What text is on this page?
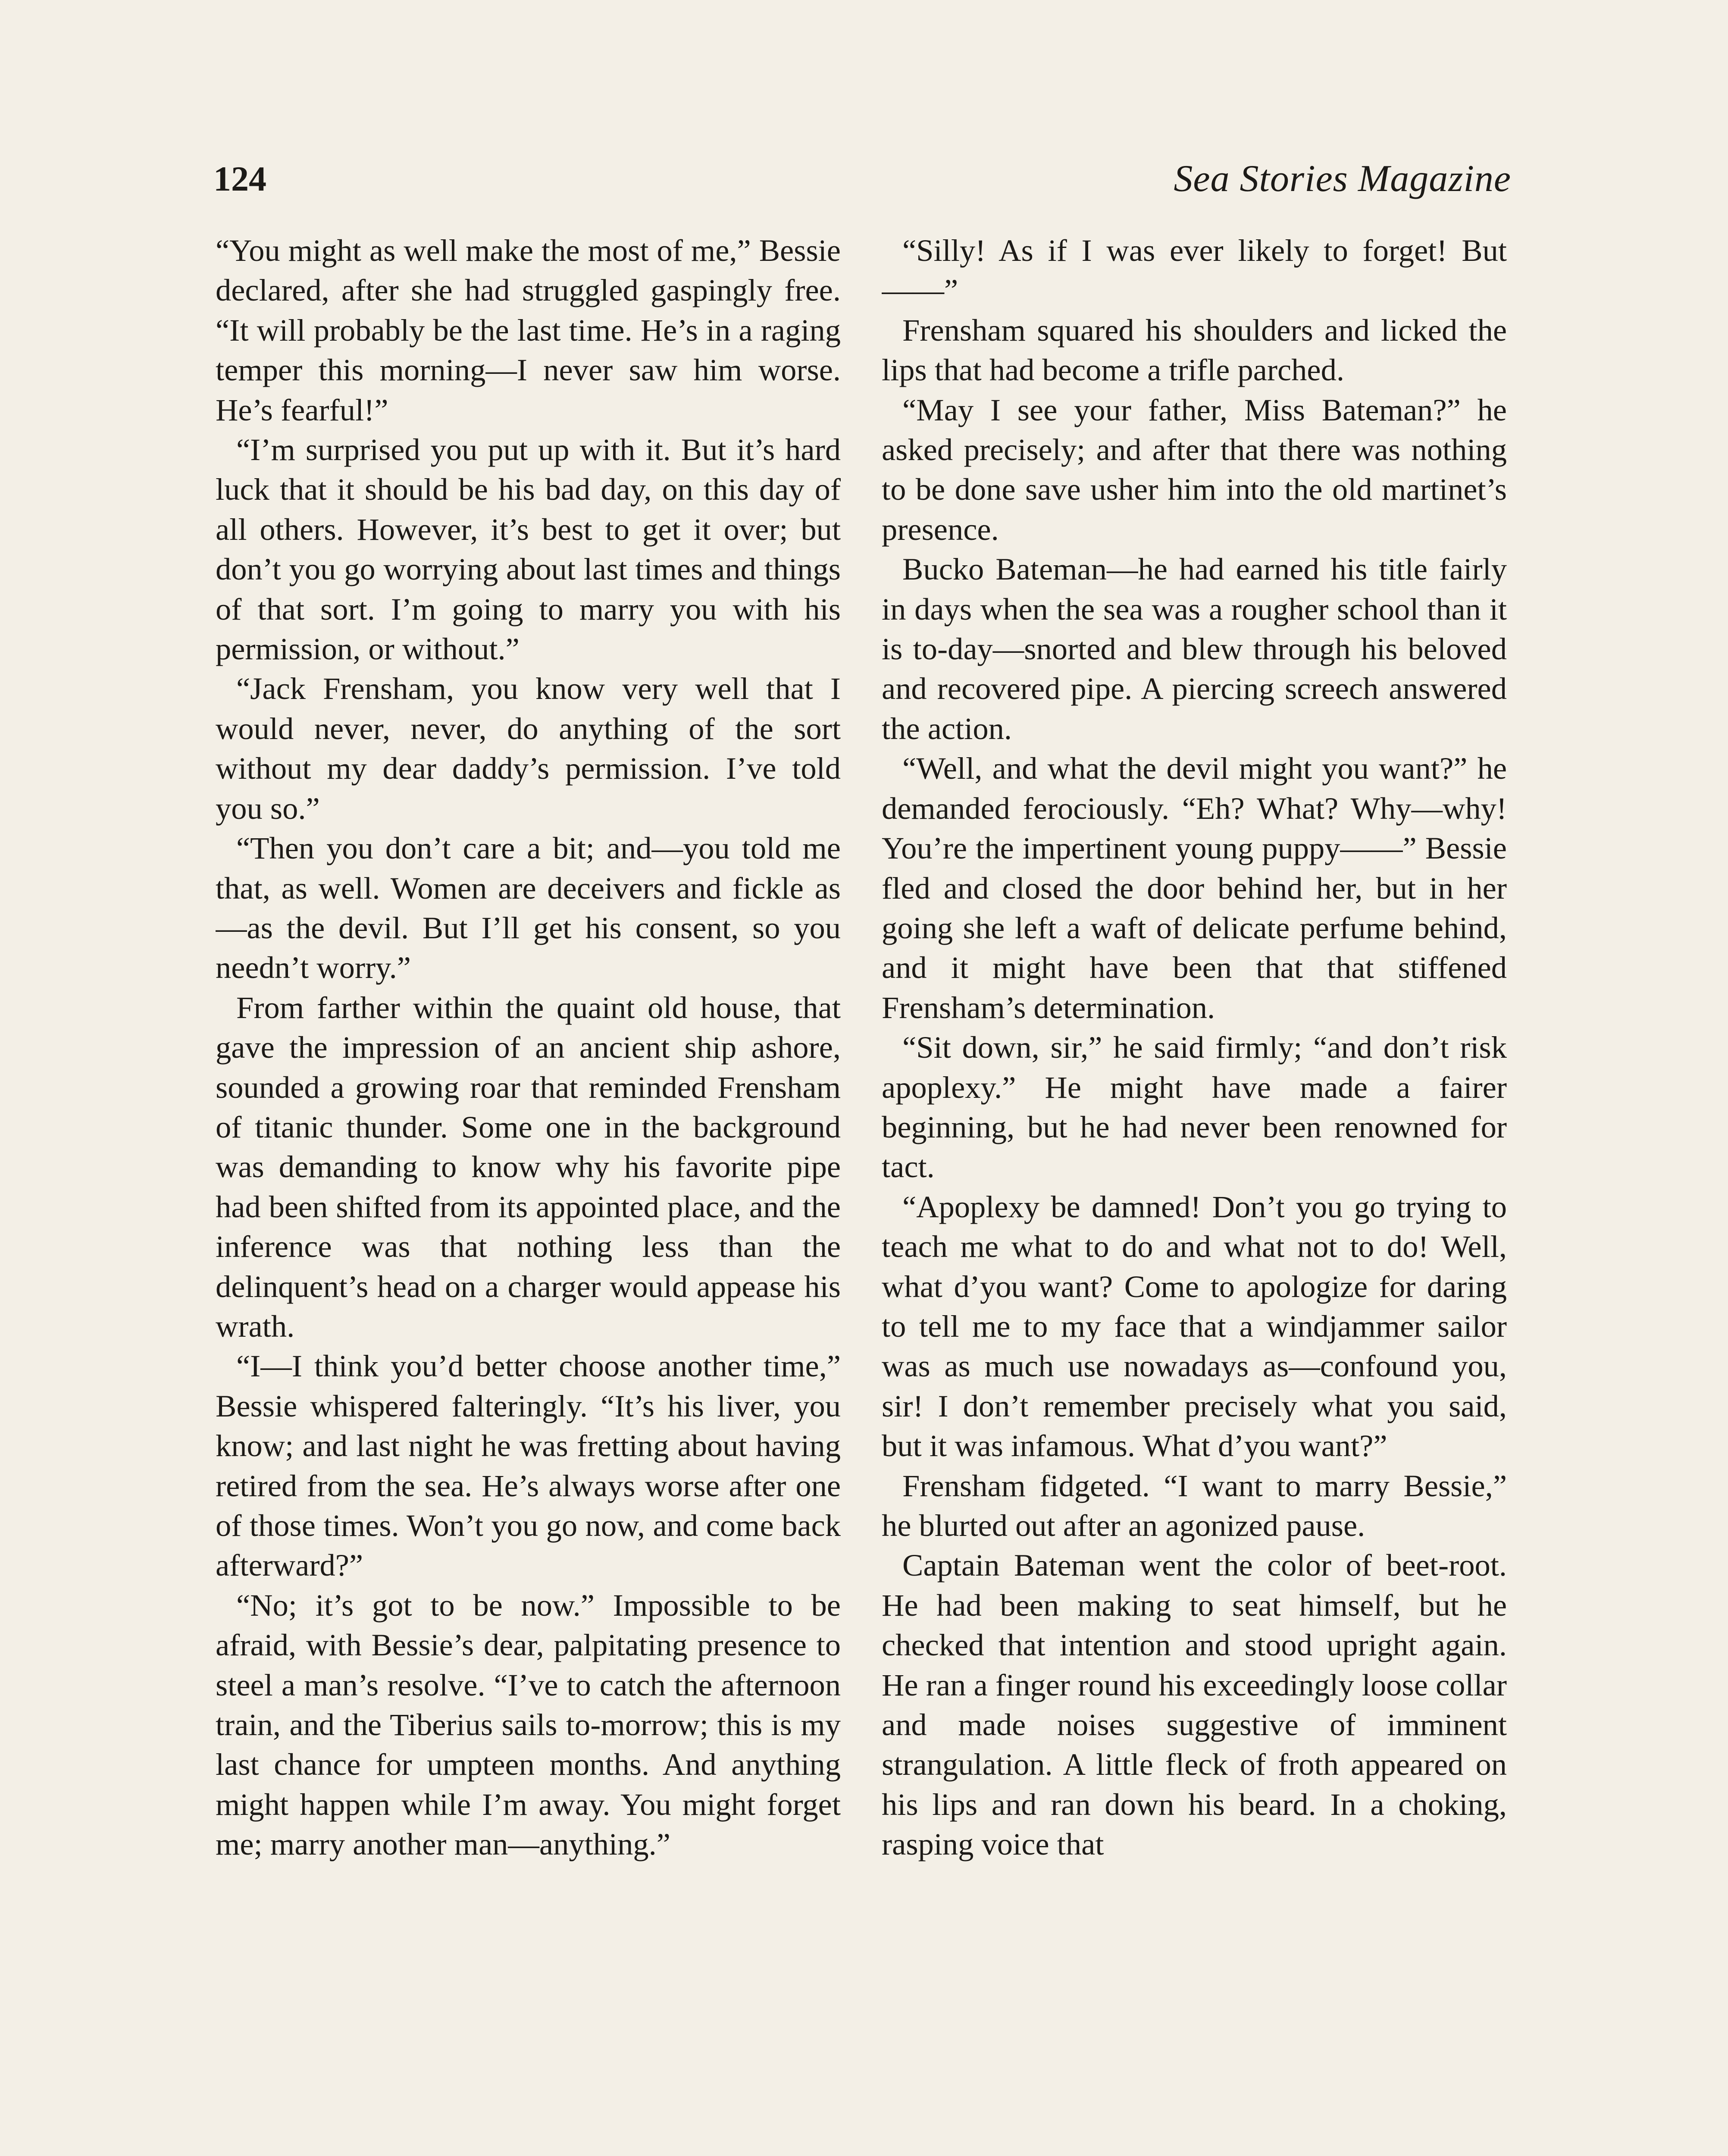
124	Sea Stories Magazine

“You might as well make the most of me,” Bessie declared, after she had struggled gaspingly free. “It will probably be the last time. He’s in a raging temper this morning—I never saw him worse. He’s fearful!”

“I’m surprised you put up with it. But it’s hard luck that it should be his bad day, on this day of all others. However, it’s best to get it over; but don’t you go worrying about last times and things of that sort. I’m going to marry you with his permission, or without.”

“Jack Frensham, you know very well that I would never, never, do anything of the sort without my dear daddy’s permission. I’ve told you so.”

“Then you don’t care a bit; and—you told me that, as well. Women are deceivers and fickle as—as the devil. But I’ll get his consent, so you needn’t worry.”

From farther within the quaint old house, that gave the impression of an ancient ship ashore, sounded a growing roar that reminded Frensham of titanic thunder. Some one in the background was demanding to know why his favorite pipe had been shifted from its appointed place, and the inference was that nothing less than the delinquent’s head on a charger would appease his wrath.

“I—I think you’d better choose another time,” Bessie whispered falteringly. “It’s his liver, you know; and last night he was fretting about having retired from the sea. He’s always worse after one of those times. Won’t you go now, and come back afterward?”

“No; it’s got to be now.” Impossible to be afraid, with Bessie’s dear, palpitating presence to steel a man’s resolve. “I’ve to catch the afternoon train, and the Tiberius sails to-morrow; this is my last chance for umpteen months. And anything might happen while I’m away. You might forget me; marry another man—anything.”

“Silly! As if I was ever likely to forget! But——”

Frensham squared his shoulders and licked the lips that had become a trifle parched.

“May I see your father, Miss Bateman?” he asked precisely; and after that there was nothing to be done save usher him into the old martinet’s presence.

Bucko Bateman—he had earned his title fairly in days when the sea was a rougher school than it is to-day—snorted and blew through his beloved and recovered pipe. A piercing screech answered the action.

“Well, and what the devil might you want?” he demanded ferociously. “Eh? What? Why—why! You’re the impertinent young puppy——” Bessie fled and closed the door behind her, but in her going she left a waft of delicate perfume behind, and it might have been that that stiffened Frensham’s determination.

“Sit down, sir,” he said firmly; “and don’t risk apoplexy.” He might have made a fairer beginning, but he had never been renowned for tact.

“Apoplexy be damned! Don’t you go trying to teach me what to do and what not to do! Well, what d’you want? Come to apologize for daring to tell me to my face that a windjammer sailor was as much use nowadays as—confound you, sir! I don’t remember precisely what you said, but it was infamous. What d’you want?”

Frensham fidgeted. “I want to marry Bessie,” he blurted out after an agonized pause.

Captain Bateman went the color of beet-root. He had been making to seat himself, but he checked that intention and stood upright again. He ran a finger round his exceedingly loose collar and made noises suggestive of imminent strangulation. A little fleck of froth appeared on his lips and ran down his beard. In a choking, rasping voice that
